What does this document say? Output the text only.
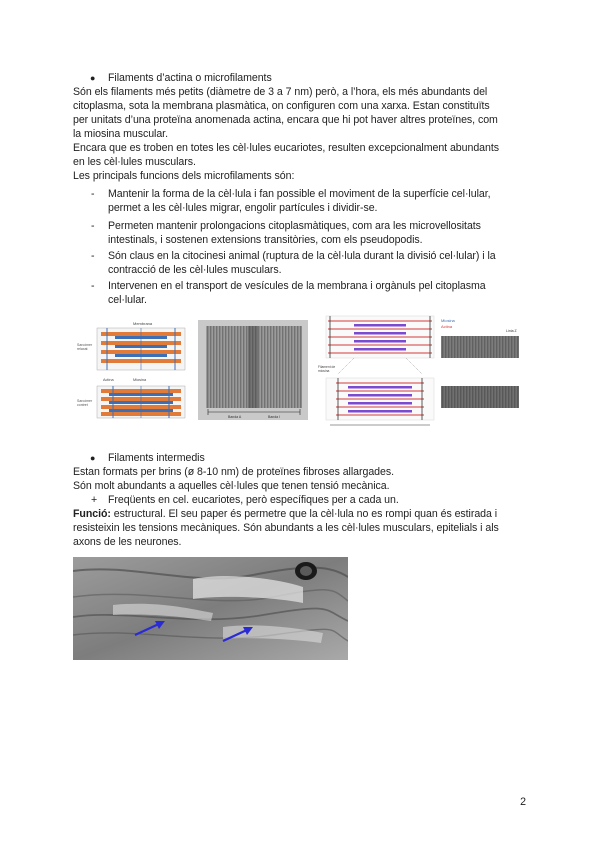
● Filaments d’actina o microfilaments
Són els filaments més petits (diàmetre de 3 a 7 nm) però, a l’hora, els més abundants del
citoplasma, sota la membrana plasmàtica, on configuren com una xarxa. Estan constituïts
per unitats d’una proteïna anomenada actina, encara que hi pot haver altres proteïnes, com
la miosina muscular.
Encara que es troben en totes les cèl·lules eucariotes, resulten excepcionalment abundants
en les cèl·lules musculars.
Les principals funcions dels microfilaments són:
- Mantenir la forma de la cèl·lula i fan possible el moviment de la superfície cel·lular,
permet a les cèl·lules migrar, engolir partícules i dividir-se.
- Permeten mantenir prolongacions citoplasmàtiques, com ara les microvellositats
intestinals, i sostenen extensions transitòries, com els pseudopodis.
- Són claus en la citocinesi animal (ruptura de la cèl·lula durant la divisió cel·lular) i la
contracció de les cèl·lules musculars.
- Intervenen en el transport de vesícules de la membrana i orgànuls pel citoplasma
cel·lular.
Membrana
Sarcòmer
relaxat
Actina	Miosina
Sarcòmer
contret
Banda A	Banda I
Miosina
Actina
Línia Z
Filament de
miosina
● Filaments intermedis
Estan formats per brins (ø 8-10 nm) de proteïnes fibroses allargades.
Són molt abundants a aquelles cèl·lules que tenen tensió mecànica.
+ Freqüents en cel. eucariotes, però específiques per a cada un.
Funció: estructural. El seu paper és permetre que la cèl·lula no es rompi quan és estirada i
resisteixin les tensions mecàniques. Són abundants a les cèl·lules musculars, epitelials i als
axons de les neurones.
2
